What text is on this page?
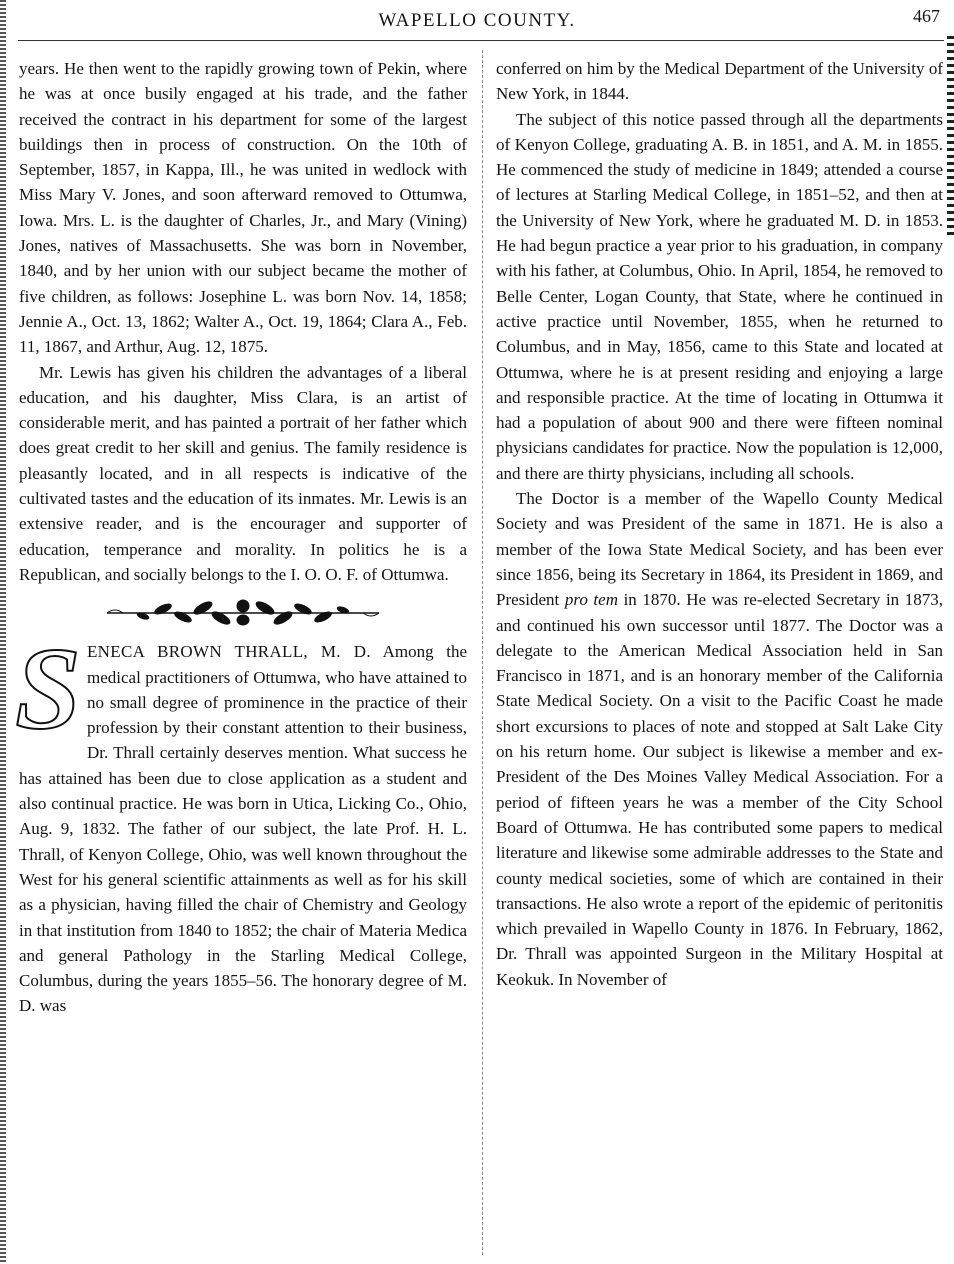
WAPELLO COUNTY.	467

years. He then went to the rapidly growing town of Pekin, where he was at once busily engaged at his trade, and the father received the contract in his department for some of the largest buildings then in process of construction. On the 10th of September, 1857, in Kappa, Ill., he was united in wedlock with Miss Mary V. Jones, and soon afterward removed to Ottumwa, Iowa. Mrs. L. is the daughter of Charles, Jr., and Mary (Vining) Jones, natives of Massachusetts. She was born in November, 1840, and by her union with our subject became the mother of five children, as follows: Josephine L. was born Nov. 14, 1858; Jennie A., Oct. 13, 1862; Walter A., Oct. 19, 1864; Clara A., Feb. 11, 1867, and Arthur, Aug. 12, 1875.

Mr. Lewis has given his children the advantages of a liberal education, and his daughter, Miss Clara, is an artist of considerable merit, and has painted a portrait of her father which does great credit to her skill and genius. The family residence is pleasantly located, and in all respects is indicative of the cultivated tastes and the education of its inmates. Mr. Lewis is an extensive reader, and is the encourager and supporter of education, temperance and morality. In politics he is a Republican, and socially belongs to the I. O. O. F. of Ottumwa.

SENECA BROWN THRALL, M. D. Among the medical practitioners of Ottumwa, who have attained to no small degree of prominence in the practice of their profession by their constant attention to their business, Dr. Thrall certainly deserves mention. What success he has attained has been due to close application as a student and also continual practice. He was born in Utica, Licking Co., Ohio, Aug. 9, 1832. The father of our subject, the late Prof. H. L. Thrall, of Kenyon College, Ohio, was well known throughout the West for his general scientific attainments as well as for his skill as a physician, having filled the chair of Chemistry and Geology in that institution from 1840 to 1852; the chair of Materia Medica and general Pathology in the Starling Medical College, Columbus, during the years 1855–56. The honorary degree of M. D. was

conferred on him by the Medical Department of the University of New York, in 1844.

The subject of this notice passed through all the departments of Kenyon College, graduating A. B. in 1851, and A. M. in 1855. He commenced the study of medicine in 1849; attended a course of lectures at Starling Medical College, in 1851–52, and then at the University of New York, where he graduated M. D. in 1853. He had begun practice a year prior to his graduation, in company with his father, at Columbus, Ohio. In April, 1854, he removed to Belle Center, Logan County, that State, where he continued in active practice until November, 1855, when he returned to Columbus, and in May, 1856, came to this State and located at Ottumwa, where he is at present residing and enjoying a large and responsible practice. At the time of locating in Ottumwa it had a population of about 900 and there were fifteen nominal physicians candidates for practice. Now the population is 12,000, and there are thirty physicians, including all schools.

The Doctor is a member of the Wapello County Medical Society and was President of the same in 1871. He is also a member of the Iowa State Medical Society, and has been ever since 1856, being its Secretary in 1864, its President in 1869, and President pro tem in 1870. He was re-elected Secretary in 1873, and continued his own successor until 1877. The Doctor was a delegate to the American Medical Association held in San Francisco in 1871, and is an honorary member of the California State Medical Society. On a visit to the Pacific Coast he made short excursions to places of note and stopped at Salt Lake City on his return home. Our subject is likewise a member and ex-President of the Des Moines Valley Medical Association. For a period of fifteen years he was a member of the City School Board of Ottumwa. He has contributed some papers to medical literature and likewise some admirable addresses to the State and county medical societies, some of which are contained in their transactions. He also wrote a report of the epidemic of peritonitis which prevailed in Wapello County in 1876. In February, 1862, Dr. Thrall was appointed Surgeon in the Military Hospital at Keokuk. In November of
